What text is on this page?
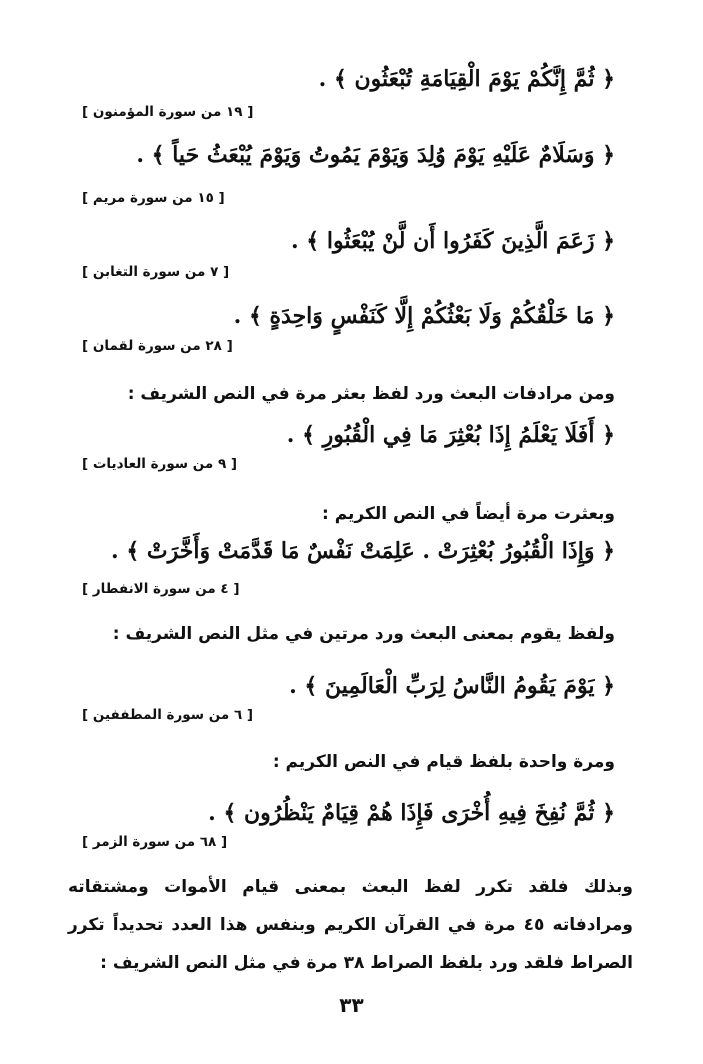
﴿ ثُمَّ إِنَّكُمْ يَوْمَ الْقِيَامَةِ تُبْعَثُون ﴾ .
[ ١٩ من سورة المؤمنون ]
﴿ وَسَلَامٌ عَلَيْهِ يَوْمَ وُلِدَ وَيَوْمَ يَمُوتُ وَيَوْمَ يُبْعَثُ حَياً ﴾ .
[ ١٥ من سورة مريم ]
﴿ زَعَمَ الَّذِينَ كَفَرُوا أَن لَّنْ يُبْعَثُوا ﴾ .
[ ٧ من سورة التغابن ]
﴿ مَا خَلْقُكُمْ وَلَا بَعْثُكُمْ إِلَّا كَنَفْسٍ وَاحِدَةٍ ﴾ .
[ ٢٨ من سورة لقمان ]
ومن مرادفات البعث ورد لفظ بعثر مرة في النص الشريف :
﴿ أَفَلَا يَعْلَمُ إِذَا بُعْثِرَ مَا فِي الْقُبُورِ ﴾ .
[ ٩ من سورة العاديات ]
وبعثرت مرة أيضاً في النص الكريم :
﴿ وَإِذَا الْقُبُورُ بُعْثِرَتْ . عَلِمَتْ نَفْسٌ مَا قَدَّمَتْ وَأَخَّرَتْ ﴾ .
[ ٤ من سورة الانفطار ]
ولفظ يقوم بمعنى البعث ورد مرتين في مثل النص الشريف :
﴿ يَوْمَ يَقُومُ النَّاسُ لِرَبِّ الْعَالَمِينَ ﴾ .
[ ٦ من سورة المطففين ]
ومرة واحدة بلفظ قيام في النص الكريم :
﴿ ثُمَّ نُفِخَ فِيهِ أُخْرَى فَإِذَا هُمْ قِيَامٌ يَنْظُرُون ﴾ .
[ ٦٨ من سورة الزمر ]
وبذلك فلقد تكرر لفظ البعث بمعنى قيام الأموات ومشتقاته ومرادفاته ٤٥ مرة في القرآن الكريم وبنفس هذا العدد تحديداً تكرر الصراط فلقد ورد بلفظ الصراط ٣٨ مرة في مثل النص الشريف :
٣٣
